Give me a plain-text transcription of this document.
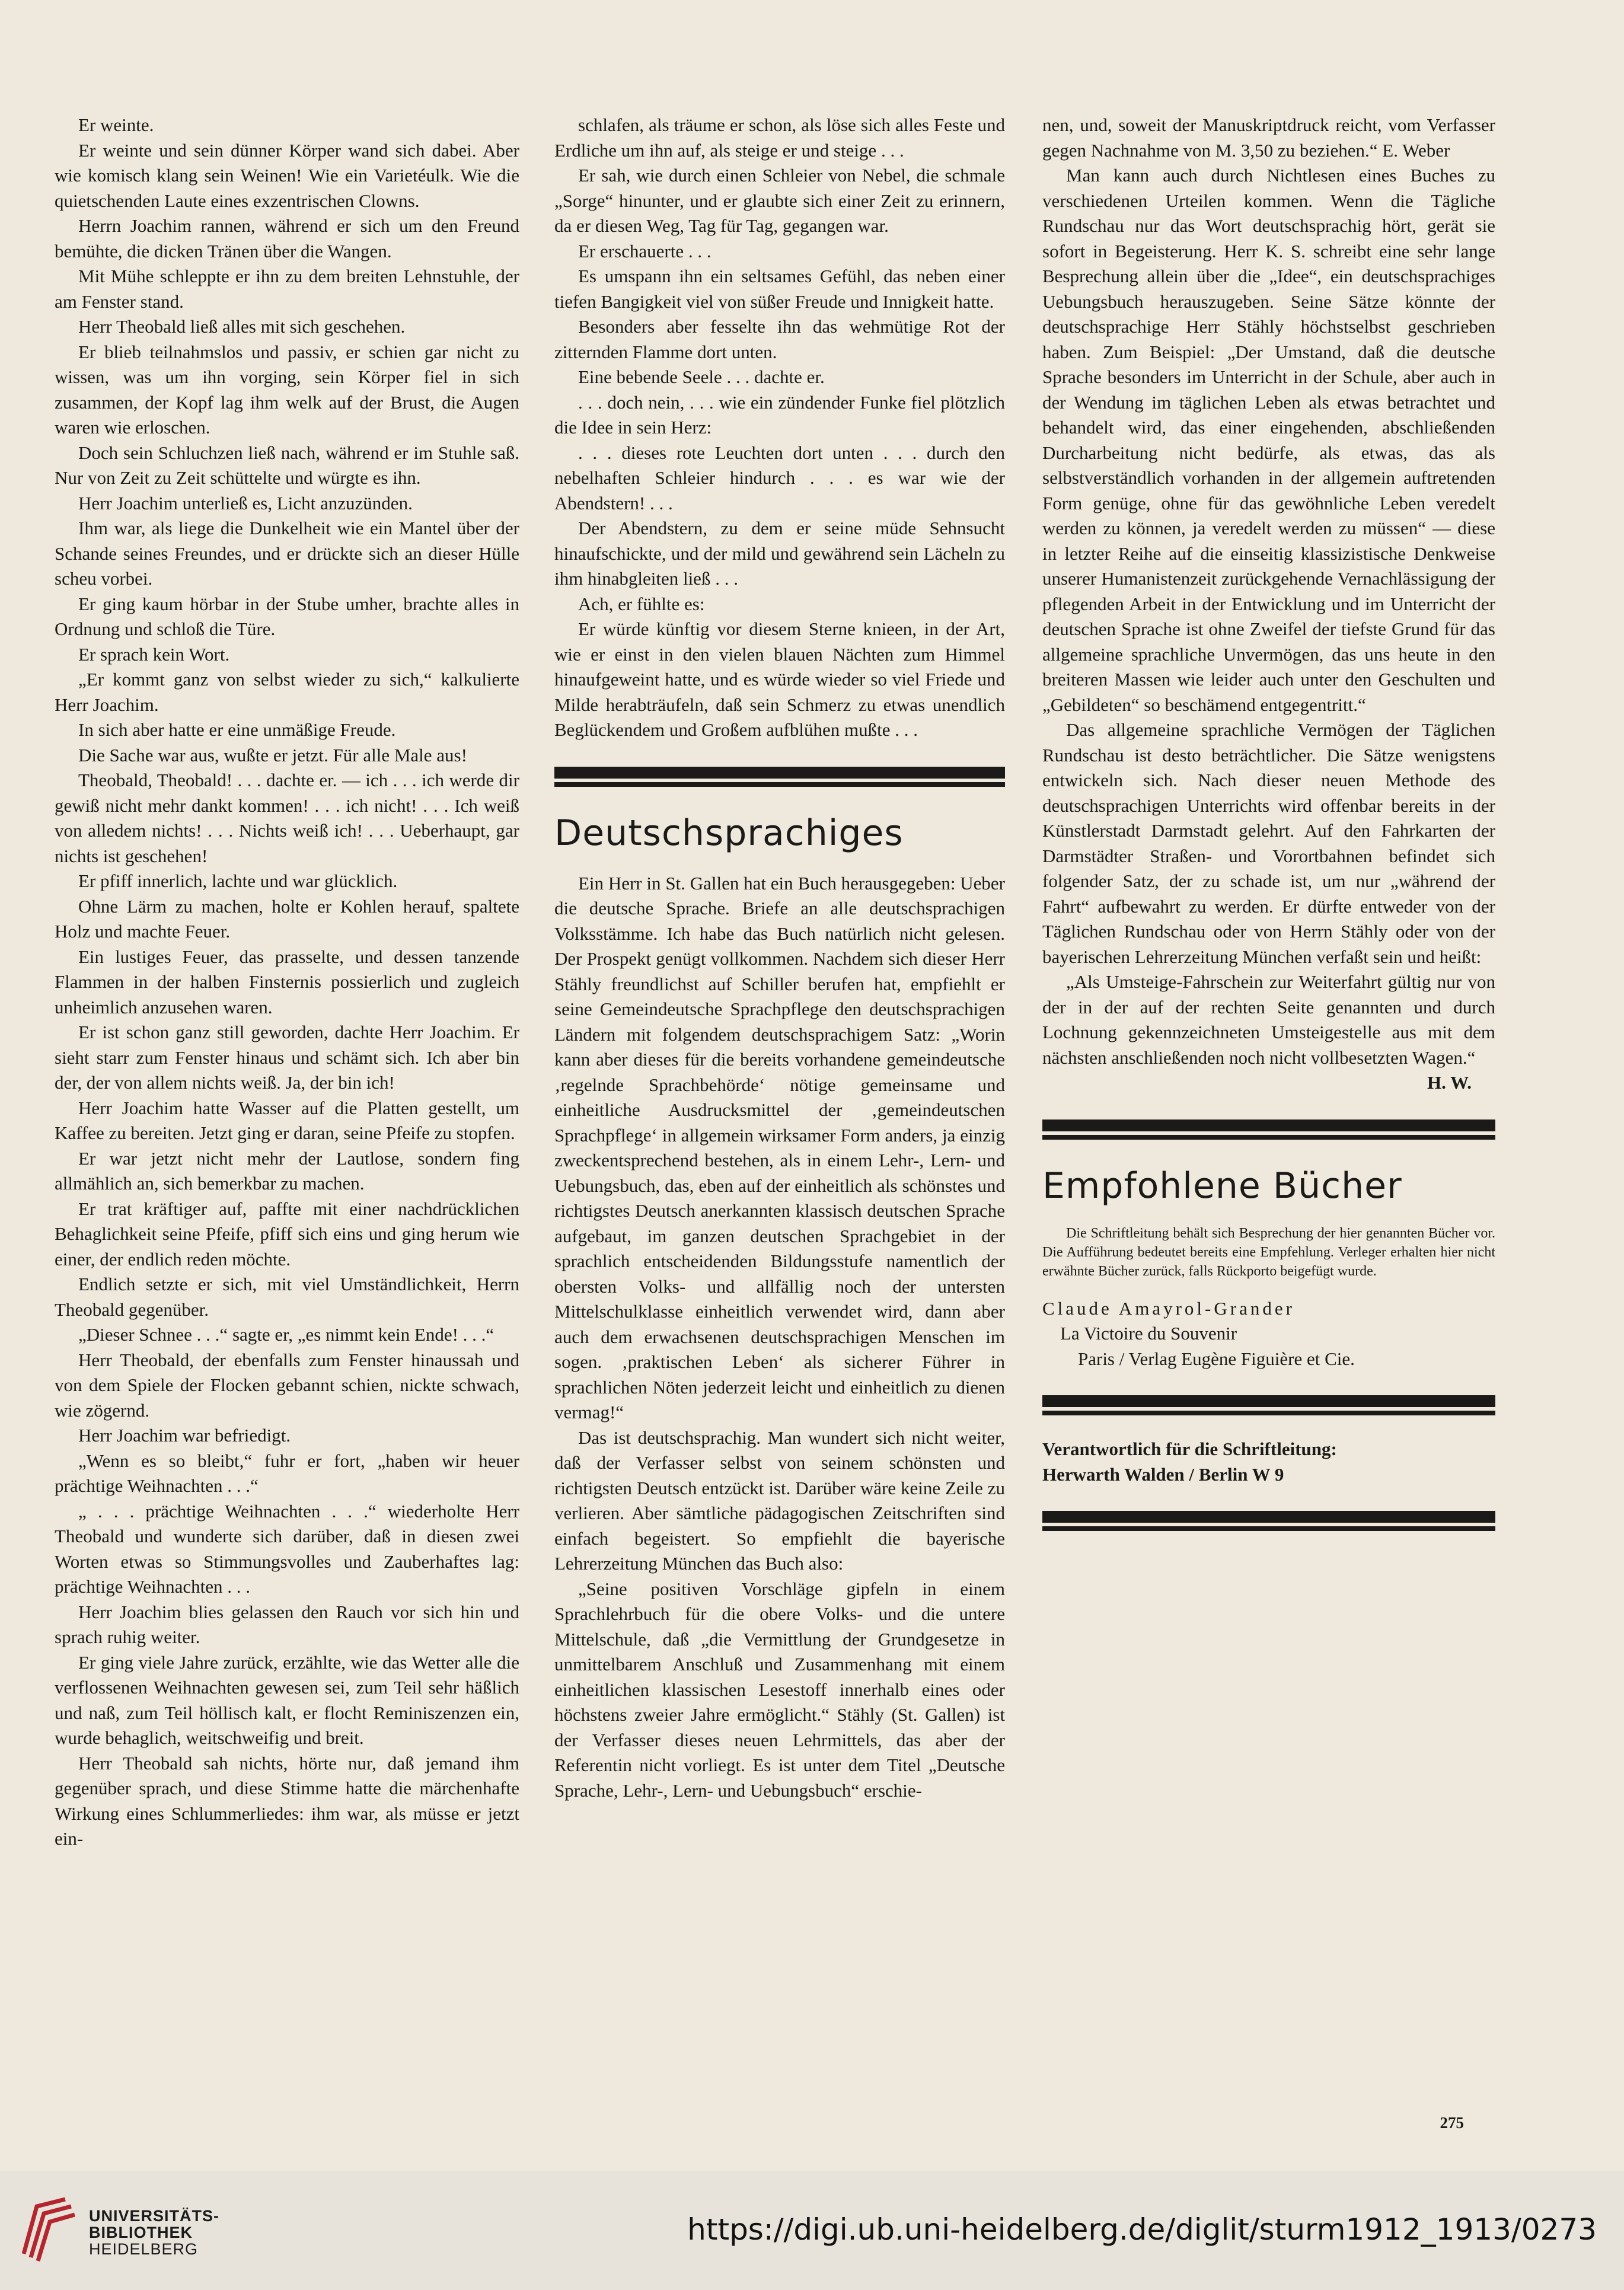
Er weinte.

Er weinte und sein dünner Körper wand sich dabei. Aber wie komisch klang sein Weinen! Wie ein Varietéulk. Wie die quietschenden Laute eines exzentrischen Clowns.

Herrn Joachim rannen, während er sich um den Freund bemühte, die dicken Tränen über die Wangen.

Mit Mühe schleppte er ihn zu dem breiten Lehnstuhle, der am Fenster stand.

Herr Theobald ließ alles mit sich geschehen.

Er blieb teilnahmslos und passiv, er schien gar nicht zu wissen, was um ihn vorging, sein Körper fiel in sich zusammen, der Kopf lag ihm welk auf der Brust, die Augen waren wie erloschen.

Doch sein Schluchzen ließ nach, während er im Stuhle saß. Nur von Zeit zu Zeit schüttelte und würgte es ihn.

Herr Joachim unterließ es, Licht anzuzünden.

Ihm war, als liege die Dunkelheit wie ein Mantel über der Schande seines Freundes, und er drückte sich an dieser Hülle scheu vorbei.

Er ging kaum hörbar in der Stube umher, brachte alles in Ordnung und schloß die Türe.

Er sprach kein Wort.

„Er kommt ganz von selbst wieder zu sich,“ kalkulierte Herr Joachim.

In sich aber hatte er eine unmäßige Freude.

Die Sache war aus, wußte er jetzt. Für alle Male aus!

Theobald, Theobald! . . . dachte er. — ich . . . ich werde dir gewiß nicht mehr dankt kommen! . . . ich nicht! . . . Ich weiß von alledem nichts! . . . Nichts weiß ich! . . . Ueberhaupt, gar nichts ist geschehen!

Er pfiff innerlich, lachte und war glücklich.

Ohne Lärm zu machen, holte er Kohlen herauf, spaltete Holz und machte Feuer.

Ein lustiges Feuer, das prasselte, und dessen tanzende Flammen in der halben Finsternis possierlich und zugleich unheimlich anzusehen waren.

Er ist schon ganz still geworden, dachte Herr Joachim. Er sieht starr zum Fenster hinaus und schämt sich. Ich aber bin der, der von allem nichts weiß. Ja, der bin ich!

Herr Joachim hatte Wasser auf die Platten gestellt, um Kaffee zu bereiten. Jetzt ging er daran, seine Pfeife zu stopfen.

Er war jetzt nicht mehr der Lautlose, sondern fing allmählich an, sich bemerkbar zu machen.

Er trat kräftiger auf, paffte mit einer nachdrücklichen Behaglichkeit seine Pfeife, pfiff sich eins und ging herum wie einer, der endlich reden möchte.

Endlich setzte er sich, mit viel Umständlichkeit, Herrn Theobald gegenüber.

„Dieser Schnee . . .“ sagte er, „es nimmt kein Ende! . . .“

Herr Theobald, der ebenfalls zum Fenster hinaussah und von dem Spiele der Flocken gebannt schien, nickte schwach, wie zögernd.

Herr Joachim war befriedigt.

„Wenn es so bleibt,“ fuhr er fort, „haben wir heuer prächtige Weihnachten . . .“

„ . . . prächtige Weihnachten . . .“ wiederholte Herr Theobald und wunderte sich darüber, daß in diesen zwei Worten etwas so Stimmungsvolles und Zauberhaftes lag: prächtige Weihnachten . . .

Herr Joachim blies gelassen den Rauch vor sich hin und sprach ruhig weiter.

Er ging viele Jahre zurück, erzählte, wie das Wetter alle die verflossenen Weihnachten gewesen sei, zum Teil sehr häßlich und naß, zum Teil höllisch kalt, er flocht Reminiszenzen ein, wurde behaglich, weitschweifig und breit.

Herr Theobald sah nichts, hörte nur, daß jemand ihm gegenüber sprach, und diese Stimme hatte die märchenhafte Wirkung eines Schlummerliedes: ihm war, als müsse er jetzt ein-

schlafen, als träume er schon, als löse sich alles Feste und Erdliche um ihn auf, als steige er und steige . . .

Er sah, wie durch einen Schleier von Nebel, die schmale „Sorge“ hinunter, und er glaubte sich einer Zeit zu erinnern, da er diesen Weg, Tag für Tag, gegangen war.

Er erschauerte . . .

Es umspann ihn ein seltsames Gefühl, das neben einer tiefen Bangigkeit viel von süßer Freude und Innigkeit hatte.

Besonders aber fesselte ihn das wehmütige Rot der zitternden Flamme dort unten.

Eine bebende Seele . . . dachte er.

. . . doch nein, . . . wie ein zündender Funke fiel plötzlich die Idee in sein Herz:

. . . dieses rote Leuchten dort unten . . . durch den nebelhaften Schleier hindurch . . . es war wie der Abendstern! . . .

Der Abendstern, zu dem er seine müde Sehnsucht hinaufschickte, und der mild und gewährend sein Lächeln zu ihm hinabgleiten ließ . . .

Ach, er fühlte es:

Er würde künftig vor diesem Sterne knieen, in der Art, wie er einst in den vielen blauen Nächten zum Himmel hinaufgeweint hatte, und es würde wieder so viel Friede und Milde herabträufeln, daß sein Schmerz zu etwas unendlich Beglückendem und Großem aufblühen mußte . . .

Deutschsprachiges

Ein Herr in St. Gallen hat ein Buch herausgegeben: Ueber die deutsche Sprache. Briefe an alle deutschsprachigen Volksstämme. Ich habe das Buch natürlich nicht gelesen. Der Prospekt genügt vollkommen. Nachdem sich dieser Herr Stähly freundlichst auf Schiller berufen hat, empfiehlt er seine Gemeindeutsche Sprachpflege den deutschsprachigen Ländern mit folgendem deutschsprachigem Satz: „Worin kann aber dieses für die bereits vorhandene gemeindeutsche ‚regelnde Sprachbehörde‘ nötige gemeinsame und einheitliche Ausdrucksmittel der ‚gemeindeutschen Sprachpflege‘ in allgemein wirksamer Form anders, ja einzig zweckentsprechend bestehen, als in einem Lehr-, Lern- und Uebungsbuch, das, eben auf der einheitlich als schönstes und richtigstes Deutsch anerkannten klassisch deutschen Sprache aufgebaut, im ganzen deutschen Sprachgebiet in der sprachlich entscheidenden Bildungsstufe namentlich der obersten Volks- und allfällig noch der untersten Mittelschulklasse einheitlich verwendet wird, dann aber auch dem erwachsenen deutschsprachigen Menschen im sogen. ‚praktischen Leben‘ als sicherer Führer in sprachlichen Nöten jederzeit leicht und einheitlich zu dienen vermag!“

Das ist deutschsprachig. Man wundert sich nicht weiter, daß der Verfasser selbst von seinem schönsten und richtigsten Deutsch entzückt ist. Darüber wäre keine Zeile zu verlieren. Aber sämtliche pädagogischen Zeitschriften sind einfach begeistert. So empfiehlt die bayerische Lehrerzeitung München das Buch also:

„Seine positiven Vorschläge gipfeln in einem Sprachlehrbuch für die obere Volks- und die untere Mittelschule, daß „die Vermittlung der Grundgesetze in unmittelbarem Anschluß und Zusammenhang mit einem einheitlichen klassischen Lesestoff innerhalb eines oder höchstens zweier Jahre ermöglicht.“ Stähly (St. Gallen) ist der Verfasser dieses neuen Lehrmittels, das aber der Referentin nicht vorliegt. Es ist unter dem Titel „Deutsche Sprache, Lehr-, Lern- und Uebungsbuch“ erschie-

nen, und, soweit der Manuskriptdruck reicht, vom Verfasser gegen Nachnahme von M. 3,50 zu beziehen.“ E. Weber

Man kann auch durch Nichtlesen eines Buches zu verschiedenen Urteilen kommen. Wenn die Tägliche Rundschau nur das Wort deutschsprachig hört, gerät sie sofort in Begeisterung. Herr K. S. schreibt eine sehr lange Besprechung allein über die „Idee“, ein deutschsprachiges Uebungsbuch herauszugeben. Seine Sätze könnte der deutschsprachige Herr Stähly höchstselbst geschrieben haben. Zum Beispiel: „Der Umstand, daß die deutsche Sprache besonders im Unterricht in der Schule, aber auch in der Wendung im täglichen Leben als etwas betrachtet und behandelt wird, das einer eingehenden, abschließenden Durcharbeitung nicht bedürfe, als etwas, das als selbstverständlich vorhanden in der allgemein auftretenden Form genüge, ohne für das gewöhnliche Leben veredelt werden zu können, ja veredelt werden zu müssen“ — diese in letzter Reihe auf die einseitig klassizistische Denkweise unserer Humanistenzeit zurückgehende Vernachlässigung der pflegenden Arbeit in der Entwicklung und im Unterricht der deutschen Sprache ist ohne Zweifel der tiefste Grund für das allgemeine sprachliche Unvermögen, das uns heute in den breiteren Massen wie leider auch unter den Geschulten und „Gebildeten“ so beschämend entgegentritt.“

Das allgemeine sprachliche Vermögen der Täglichen Rundschau ist desto beträchtlicher. Die Sätze wenigstens entwickeln sich. Nach dieser neuen Methode des deutschsprachigen Unterrichts wird offenbar bereits in der Künstlerstadt Darmstadt gelehrt. Auf den Fahrkarten der Darmstädter Straßen- und Vorortbahnen befindet sich folgender Satz, der zu schade ist, um nur „während der Fahrt“ aufbewahrt zu werden. Er dürfte entweder von der Täglichen Rundschau oder von Herrn Stähly oder von der bayerischen Lehrerzeitung München verfaßt sein und heißt:

„Als Umsteige-Fahrschein zur Weiterfahrt gültig nur von der in der auf der rechten Seite genannten und durch Lochnung gekennzeichneten Umsteigestelle aus mit dem nächsten anschließenden noch nicht vollbesetzten Wagen.“

H. W.

Empfohlene Bücher

Die Schriftleitung behält sich Besprechung der hier genannten Bücher vor. Die Aufführung bedeutet bereits eine Empfehlung. Verleger erhalten hier nicht erwähnte Bücher zurück, falls Rückporto beigefügt wurde.

Claude Amayrol-Grander

La Victoire du Souvenir

Paris / Verlag Eugène Figuière et Cie.

Verantwortlich für die Schriftleitung:

Herwarth Walden / Berlin W 9

275
UNIVERSITÄTS-
BIBLIOTHEK
HEIDELBERG
https://digi.ub.uni-heidelberg.de/diglit/sturm1912_1913/0273
